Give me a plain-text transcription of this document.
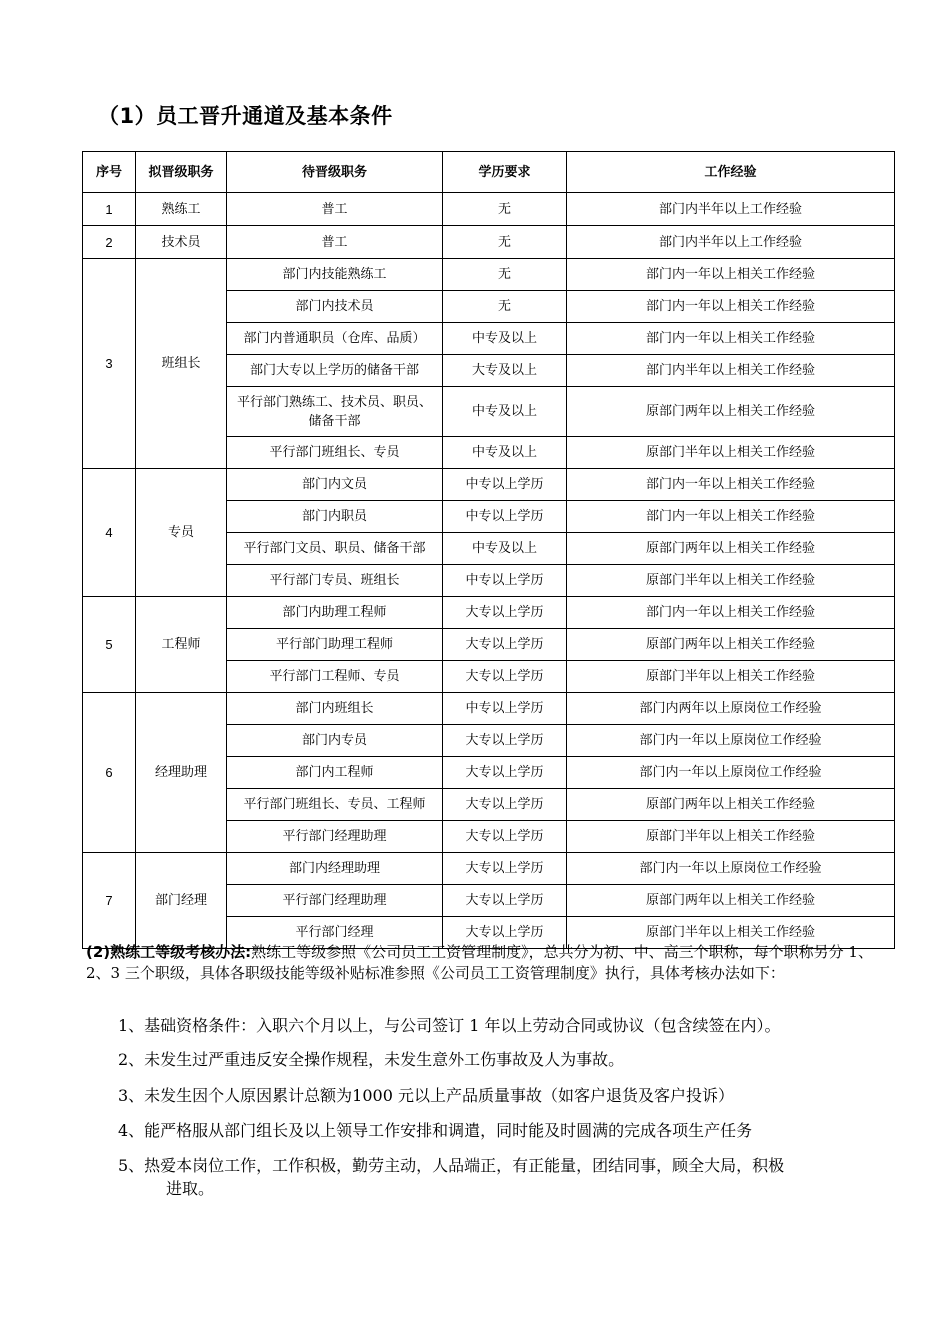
（1）员工晋升通道及基本条件
序号	拟晋级职务	待晋级职务	学历要求	工作经验
1	熟练工	普工	无	部门内半年以上工作经验
2	技术员	普工	无	部门内半年以上工作经验
3	班组长	部门内技能熟练工	无	部门内一年以上相关工作经验
		部门内技术员	无	部门内一年以上相关工作经验
		部门内普通职员（仓库、品质）	中专及以上	部门内一年以上相关工作经验
		部门大专以上学历的储备干部	大专及以上	部门内半年以上相关工作经验
		平行部门熟练工、技术员、职员、储备干部	中专及以上	原部门两年以上相关工作经验
		平行部门班组长、专员	中专及以上	原部门半年以上相关工作经验
4	专员	部门内文员	中专以上学历	部门内一年以上相关工作经验
		部门内职员	中专以上学历	部门内一年以上相关工作经验
		平行部门文员、职员、储备干部	中专及以上	原部门两年以上相关工作经验
		平行部门专员、班组长	中专以上学历	原部门半年以上相关工作经验
5	工程师	部门内助理工程师	大专以上学历	部门内一年以上相关工作经验
		平行部门助理工程师	大专以上学历	原部门两年以上相关工作经验
		平行部门工程师、专员	大专以上学历	原部门半年以上相关工作经验
6	经理助理	部门内班组长	中专以上学历	部门内两年以上原岗位工作经验
		部门内专员	大专以上学历	部门内一年以上原岗位工作经验
		部门内工程师	大专以上学历	部门内一年以上原岗位工作经验
		平行部门班组长、专员、工程师	大专以上学历	原部门两年以上相关工作经验
		平行部门经理助理	大专以上学历	原部门半年以上相关工作经验
7	部门经理	部门内经理助理	大专以上学历	部门内一年以上原岗位工作经验
		平行部门经理助理	大专以上学历	原部门两年以上相关工作经验
		平行部门经理	大专以上学历	原部门半年以上相关工作经验
(2)熟练工等级考核办法:熟练工等级参照《公司员工工资管理制度》，总共分为初、中、高三个职称，每个职称另分 1、2、3 三个职级，具体各职级技能等级补贴标准参照《公司员工工资管理制度》执行，具体考核办法如下：
1、基础资格条件：入职六个月以上，与公司签订 1 年以上劳动合同或协议（包含续签在内）。
2、未发生过严重违反安全操作规程，未发生意外工伤事故及人为事故。
3、未发生因个人原因累计总额为1000 元以上产品质量事故（如客户退货及客户投诉）
4、能严格服从部门组长及以上领导工作安排和调遣，同时能及时圆满的完成各项生产任务
5、热爱本岗位工作，工作积极，勤劳主动，人品端正，有正能量，团结同事，顾全大局，积极
进取。
